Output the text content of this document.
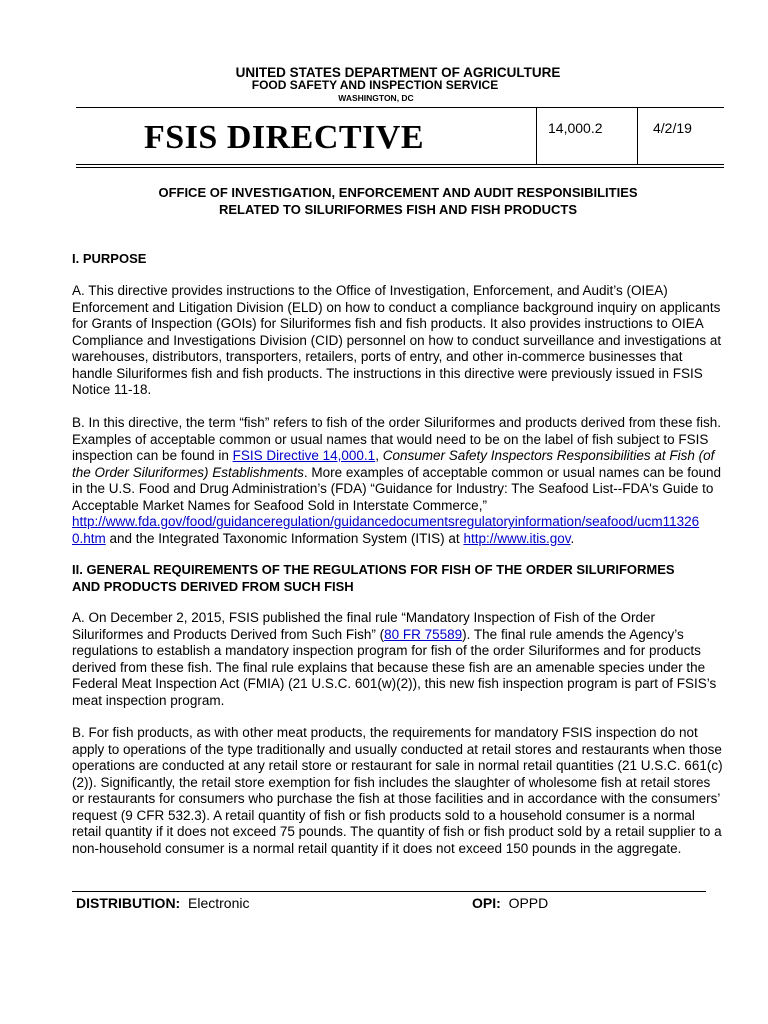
UNITED STATES DEPARTMENT OF AGRICULTURE
FOOD SAFETY AND INSPECTION SERVICE
WASHINGTON, DC
FSIS DIRECTIVE	14,000.2	4/2/19
OFFICE OF INVESTIGATION, ENFORCEMENT AND AUDIT RESPONSIBILITIES
RELATED TO SILURIFORMES FISH AND FISH PRODUCTS
I. PURPOSE
A. This directive provides instructions to the Office of Investigation, Enforcement, and Audit’s (OIEA) Enforcement and Litigation Division (ELD) on how to conduct a compliance background inquiry on applicants for Grants of Inspection (GOIs) for Siluriformes fish and fish products. It also provides instructions to OIEA Compliance and Investigations Division (CID) personnel on how to conduct surveillance and investigations at warehouses, distributors, transporters, retailers, ports of entry, and other in-commerce businesses that handle Siluriformes fish and fish products. The instructions in this directive were previously issued in FSIS Notice 11-18.
B. In this directive, the term “fish” refers to fish of the order Siluriformes and products derived from these fish. Examples of acceptable common or usual names that would need to be on the label of fish subject to FSIS inspection can be found in FSIS Directive 14,000.1, Consumer Safety Inspectors Responsibilities at Fish (of the Order Siluriformes) Establishments. More examples of acceptable common or usual names can be found in the U.S. Food and Drug Administration’s (FDA) “Guidance for Industry: The Seafood List--FDA's Guide to Acceptable Market Names for Seafood Sold in Interstate Commerce,” http://www.fda.gov/food/guidanceregulation/guidancedocumentsregulatoryinformation/seafood/ucm11326
0.htm and the Integrated Taxonomic Information System (ITIS) at http://www.itis.gov.
II. GENERAL REQUIREMENTS OF THE REGULATIONS FOR FISH OF THE ORDER SILURIFORMES
AND PRODUCTS DERIVED FROM SUCH FISH
A. On December 2, 2015, FSIS published the final rule “Mandatory Inspection of Fish of the Order Siluriformes and Products Derived from Such Fish” (80 FR 75589). The final rule amends the Agency’s regulations to establish a mandatory inspection program for fish of the order Siluriformes and for products derived from these fish. The final rule explains that because these fish are an amenable species under the Federal Meat Inspection Act (FMIA) (21 U.S.C. 601(w)(2)), this new fish inspection program is part of FSIS’s meat inspection program.
B. For fish products, as with other meat products, the requirements for mandatory FSIS inspection do not apply to operations of the type traditionally and usually conducted at retail stores and restaurants when those operations are conducted at any retail store or restaurant for sale in normal retail quantities (21 U.S.C. 661(c)(2)). Significantly, the retail store exemption for fish includes the slaughter of wholesome fish at retail stores or restaurants for consumers who purchase the fish at those facilities and in accordance with the consumers’ request (9 CFR 532.3). A retail quantity of fish or fish products sold to a household consumer is a normal retail quantity if it does not exceed 75 pounds. The quantity of fish or fish product sold by a retail supplier to a non-household consumer is a normal retail quantity if it does not exceed 150 pounds in the aggregate.
DISTRIBUTION: Electronic	OPI: OPPD
